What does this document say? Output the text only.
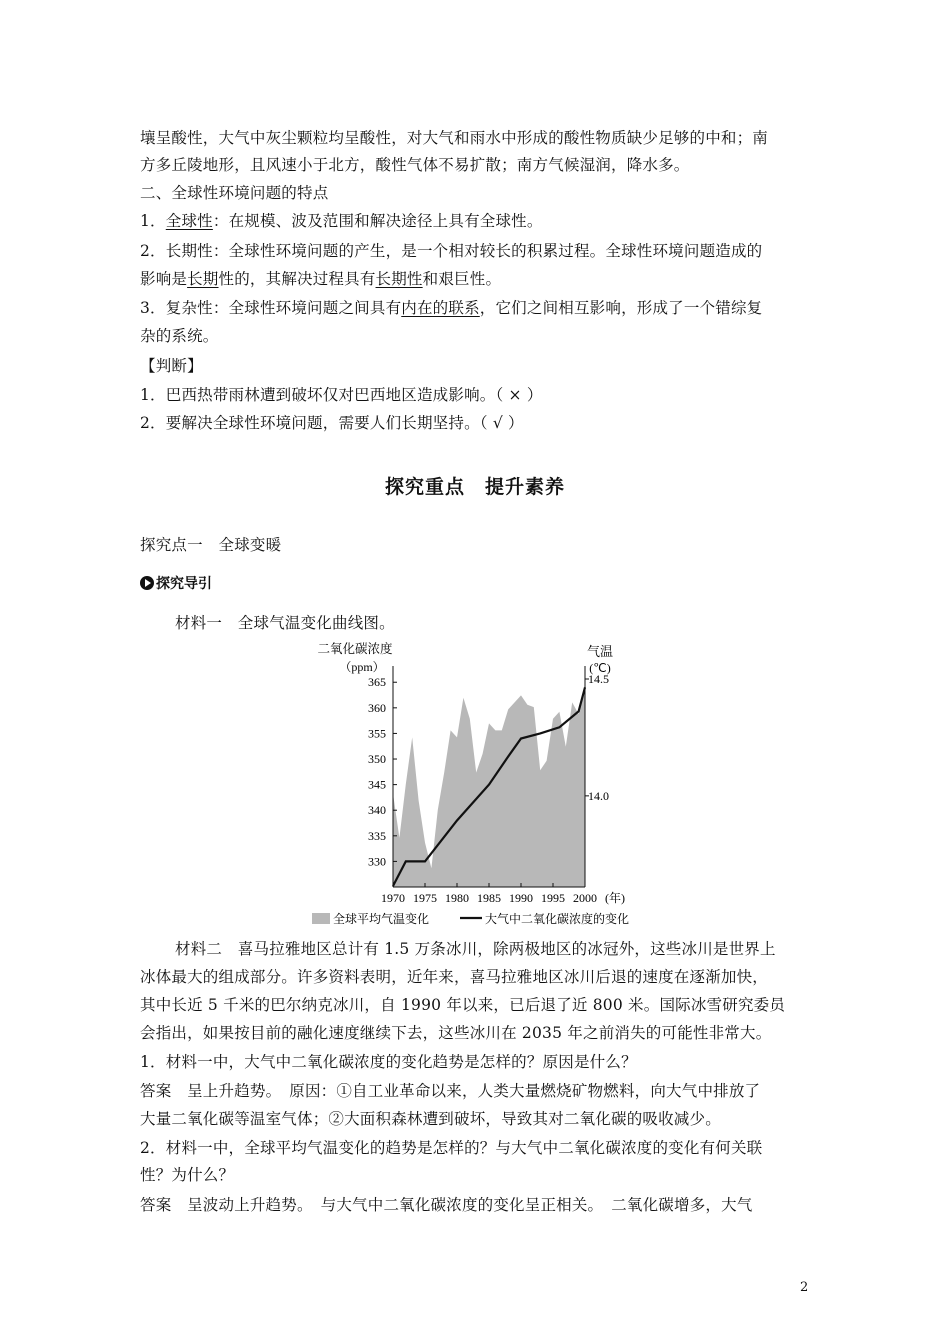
壤呈酸性，大气中灰尘颗粒均呈酸性，对大气和雨水中形成的酸性物质缺少足够的中和；南
方多丘陵地形，且风速小于北方，酸性气体不易扩散；南方气候湿润，降水多。
二、全球性环境问题的特点
1．全球性：在规模、波及范围和解决途径上具有全球性。
2．长期性：全球性环境问题的产生，是一个相对较长的积累过程。全球性环境问题造成的
影响是长期性的，其解决过程具有长期性和艰巨性。
3．复杂性：全球性环境问题之间具有内在的联系，它们之间相互影响，形成了一个错综复
杂的系统。
【判断】
1．巴西热带雨林遭到破坏仅对巴西地区造成影响。（ × ）
2．要解决全球性环境问题，需要人们长期坚持。（ √ ）
探究重点　提升素养
探究点一　全球变暖
探究导引
材料一　全球气温变化曲线图。
330
335
340
345
350
355
360
365
14.0
14.5
1970 1975 1980 1985 1990 1995 2000 (年)
二氧化碳浓度
（ppm）
气温
(℃)
全球平均气温变化	大气中二氧化碳浓度的变化
材料二　喜马拉雅地区总计有 1.5 万条冰川，除两极地区的冰冠外，这些冰川是世界上
冰体最大的组成部分。许多资料表明，近年来，喜马拉雅地区冰川后退的速度在逐渐加快，
其中长近 5 千米的巴尔纳克冰川，自 1990 年以来，已后退了近 800 米。国际冰雪研究委员
会指出，如果按目前的融化速度继续下去，这些冰川在 2035 年之前消失的可能性非常大。
1．材料一中，大气中二氧化碳浓度的变化趋势是怎样的？原因是什么？
答案　呈上升趋势。　原因：①自工业革命以来，人类大量燃烧矿物燃料，向大气中排放了
大量二氧化碳等温室气体；②大面积森林遭到破坏，导致其对二氧化碳的吸收减少。
2．材料一中，全球平均气温变化的趋势是怎样的？与大气中二氧化碳浓度的变化有何关联
性？为什么？
答案　呈波动上升趋势。　与大气中二氧化碳浓度的变化呈正相关。　二氧化碳增多，大气
2
